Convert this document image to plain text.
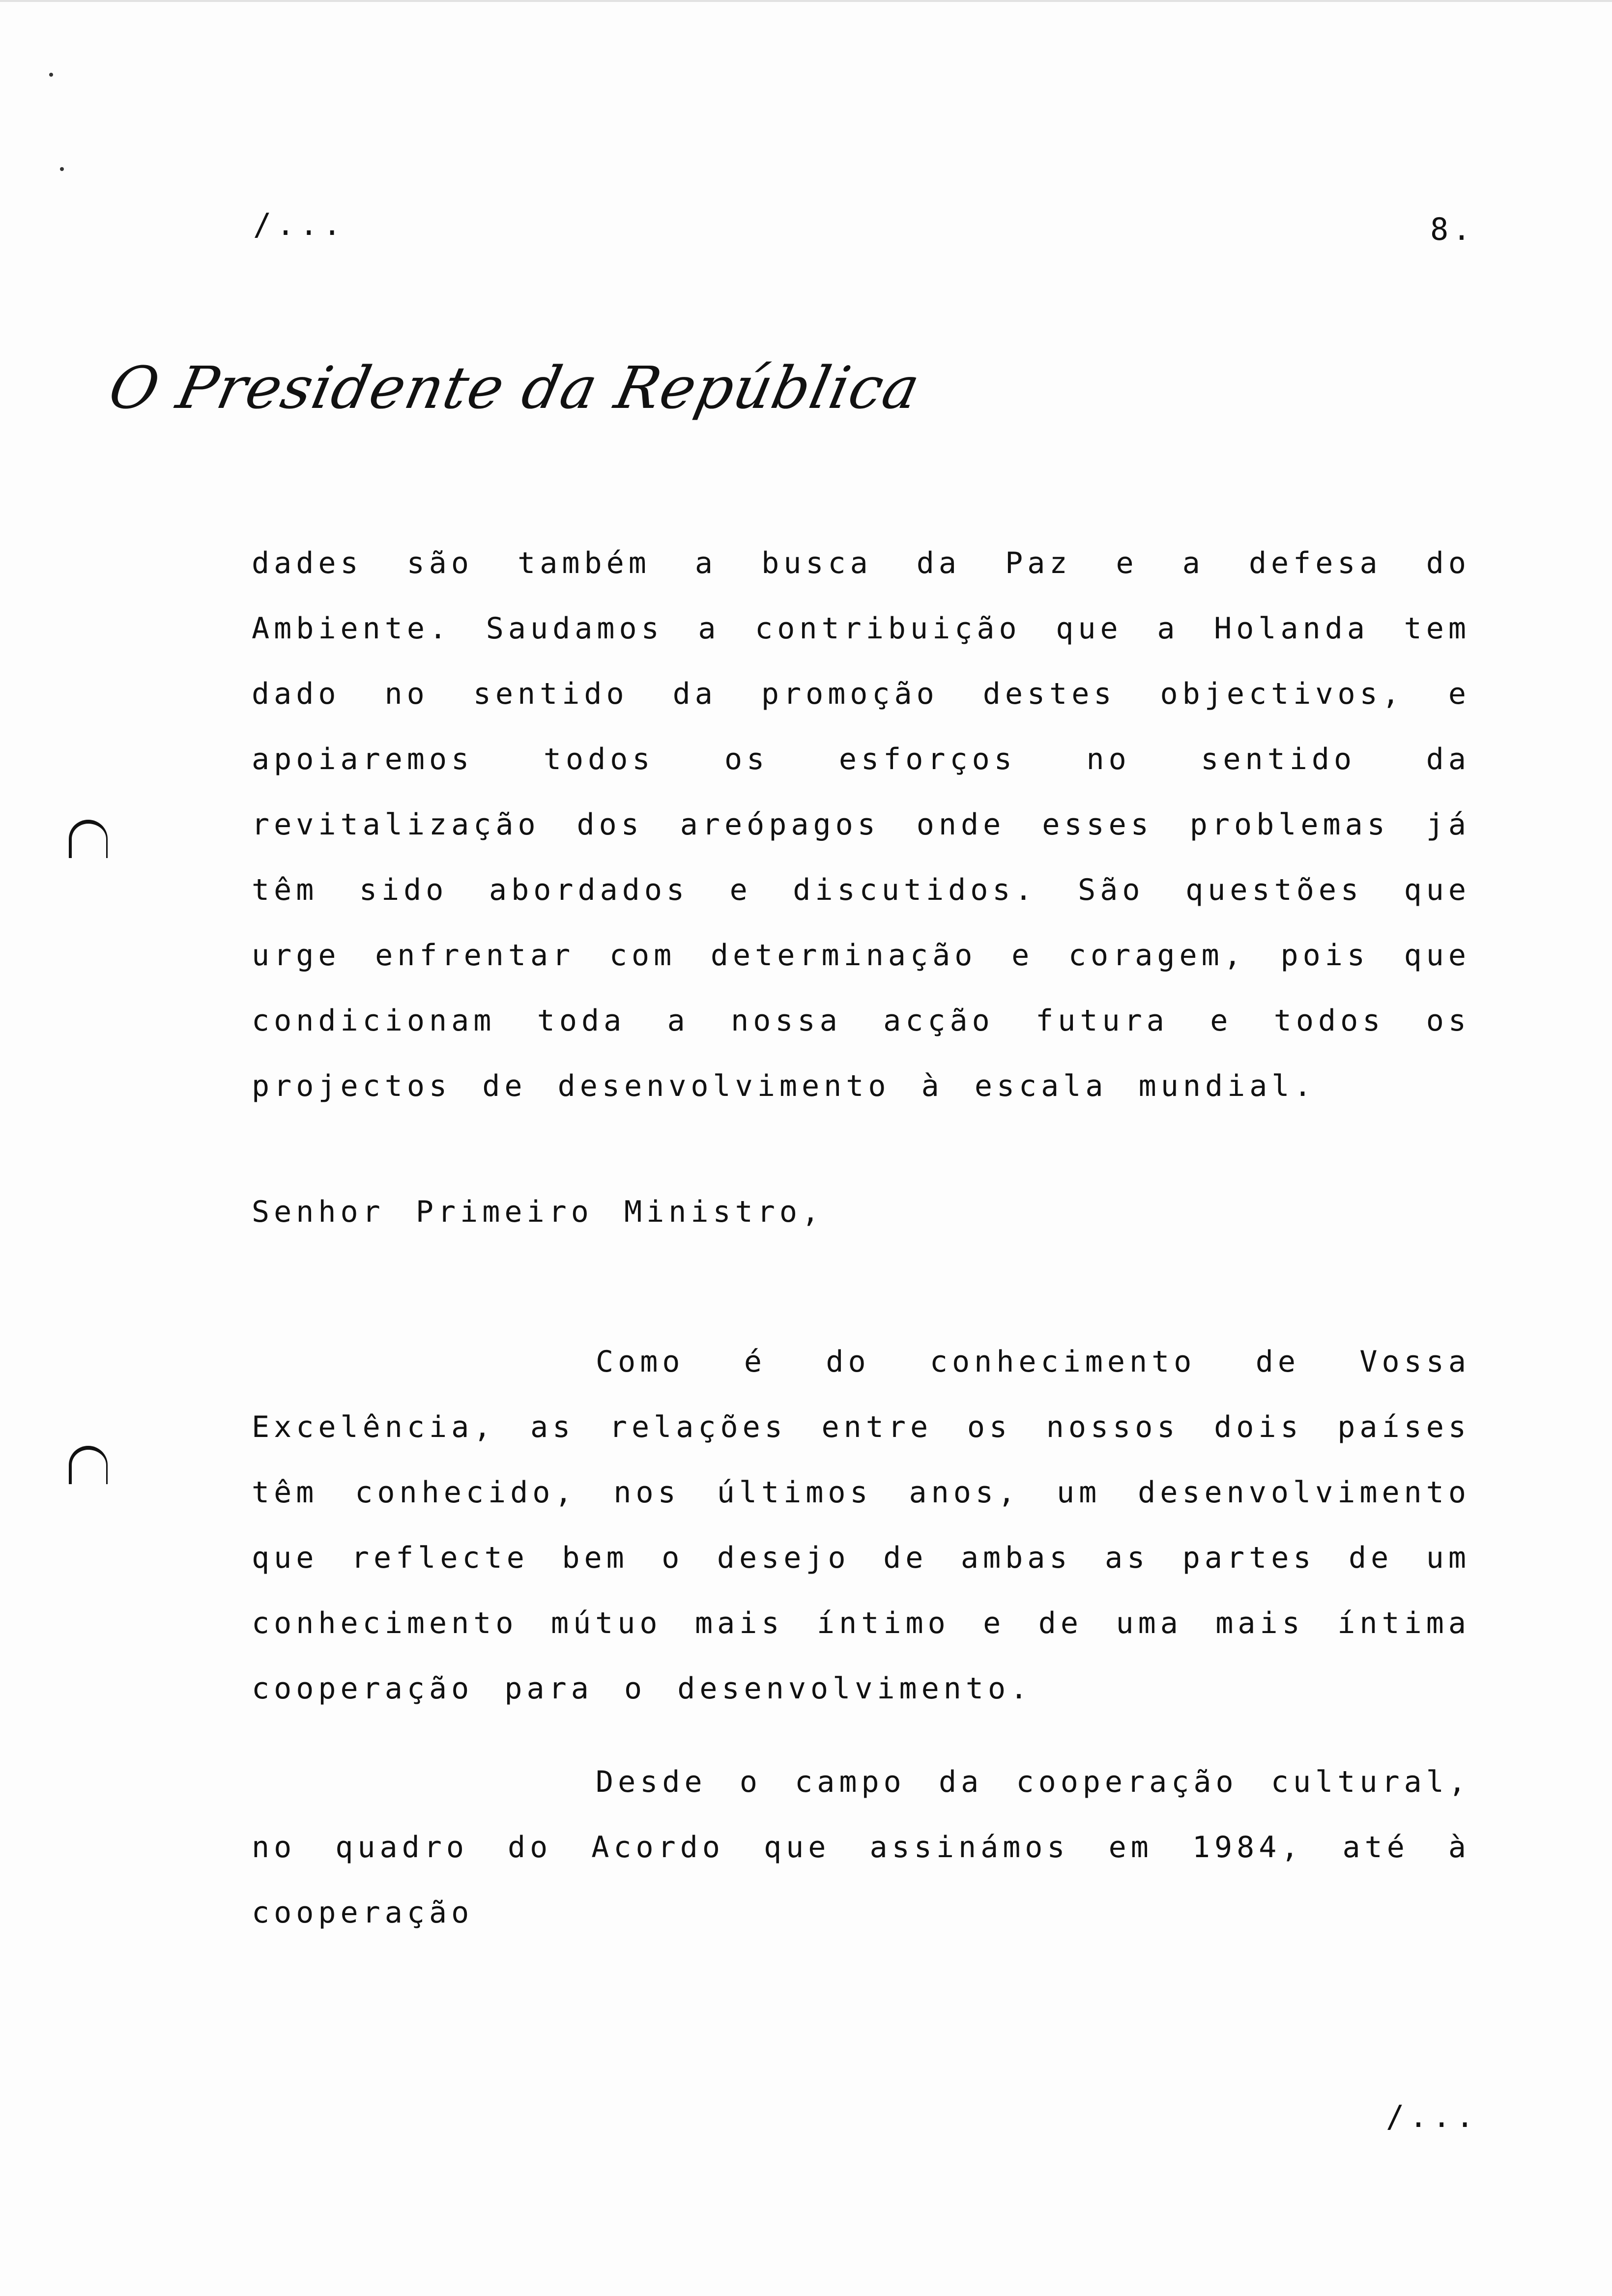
/...	8.
O Presidente da República

dades são também a busca da Paz e a defesa do Ambiente. Saudamos a contribuição que a Holanda tem dado no sentido da promoção destes objectivos, e apoiaremos todos os esforços no sentido da revitalização dos areópagos onde esses problemas já têm sido abordados e discutidos. São questões que urge enfrentar com determinação e coragem, pois que condicionam toda a nossa acção futura e todos os projectos de desenvolvimento à escala mundial.

Senhor Primeiro Ministro,

Como é do conhecimento de Vossa Excelência, as relações entre os nossos dois países têm conhecido, nos últimos anos, um desenvolvimento que reflecte bem o desejo de ambas as partes de um conhecimento mútuo mais íntimo e de uma mais íntima cooperação para o desenvolvimento.

Desde o campo da cooperação cultural, no quadro do Acordo que assinámos em 1984, até à cooperação

/...
